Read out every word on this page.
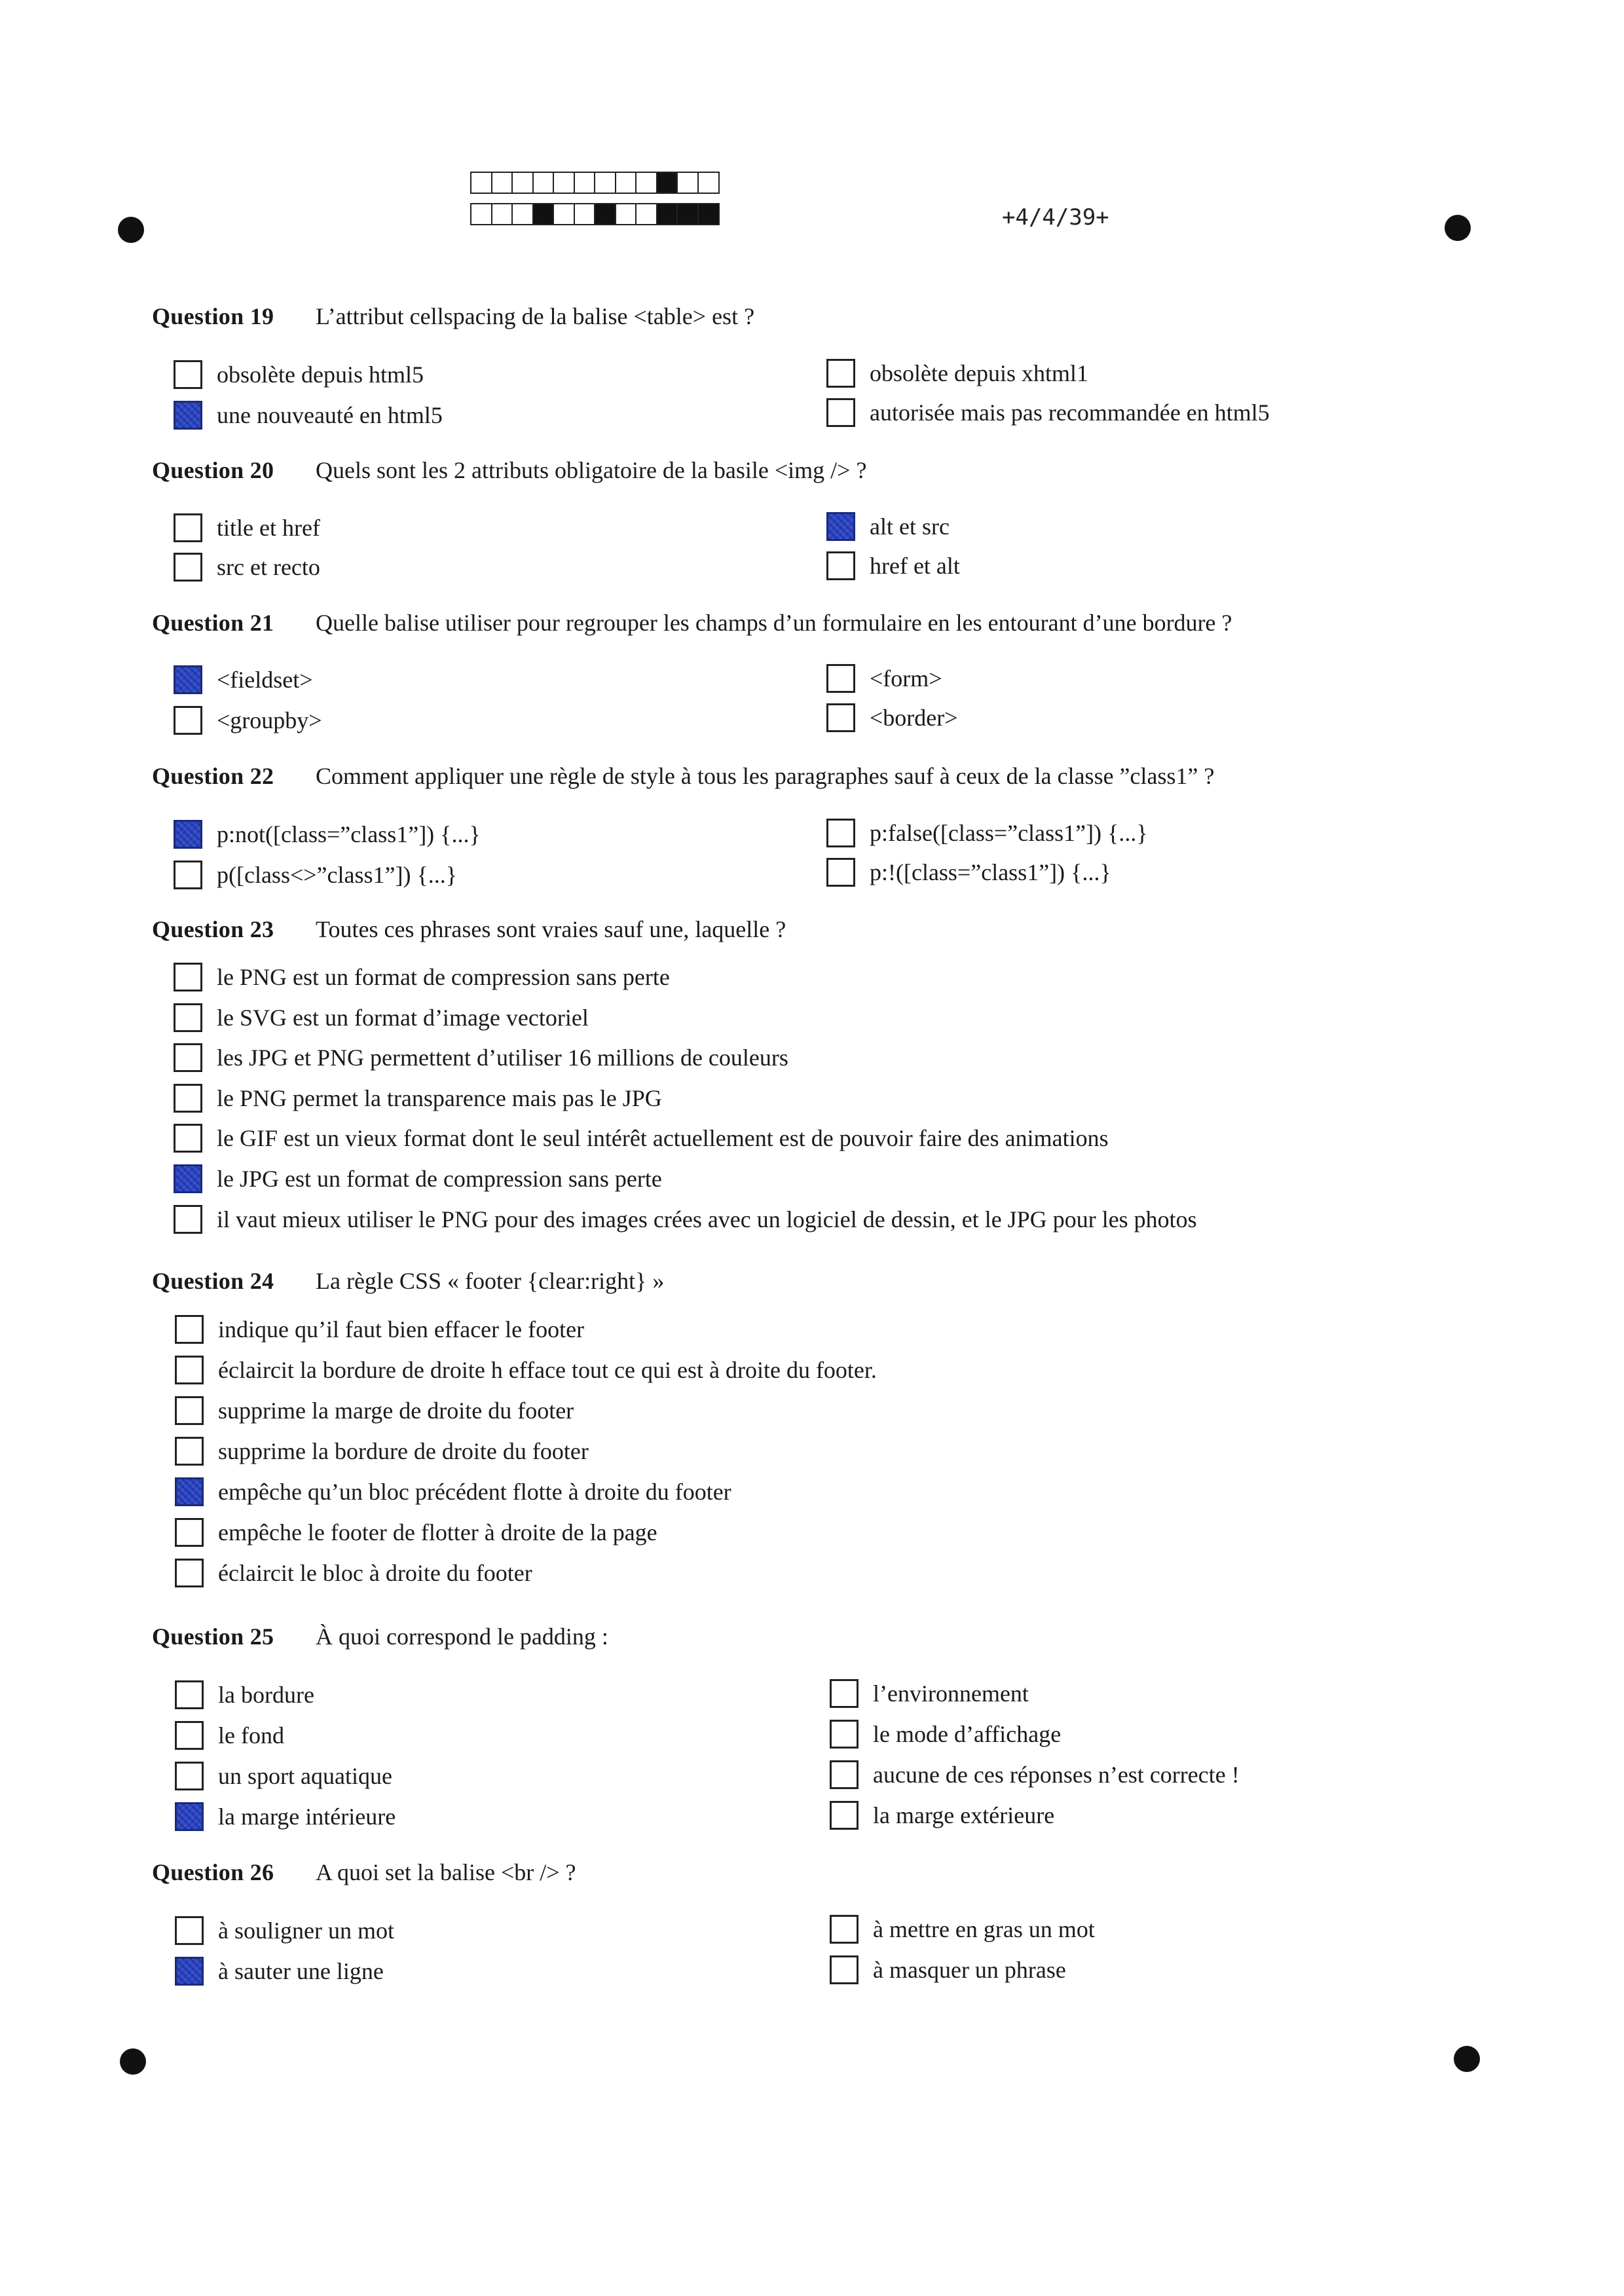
+4/4/39+
Question 19	L’attribut cellspacing de la balise <table> est ?
obsolète depuis html5
une nouveauté en html5
obsolète depuis xhtml1
autorisée mais pas recommandée en html5
Question 20	Quels sont les 2 attributs obligatoire de la basile <img /> ?
title et href
src et recto
alt et src
href et alt
Question 21	Quelle balise utiliser pour regrouper les champs d’un formulaire en les entourant d’une bordure ?
<fieldset>
<groupby>
<form>
<border>
Question 22	Comment appliquer une règle de style à tous les paragraphes sauf à ceux de la classe ”class1” ?
p:not([class=”class1”]) {...}
p([class<>”class1”]) {...}
p:false([class=”class1”]) {...}
p:!([class=”class1”]) {...}
Question 23	Toutes ces phrases sont vraies sauf une, laquelle ?
le PNG est un format de compression sans perte
le SVG est un format d’image vectoriel
les JPG et PNG permettent d’utiliser 16 millions de couleurs
le PNG permet la transparence mais pas le JPG
le GIF est un vieux format dont le seul intérêt actuellement est de pouvoir faire des animations
le JPG est un format de compression sans perte
il vaut mieux utiliser le PNG pour des images crées avec un logiciel de dessin, et le JPG pour les photos
Question 24	La règle CSS « footer {clear:right} »
indique qu’il faut bien effacer le footer
éclaircit la bordure de droite h efface tout ce qui est à droite du footer.
supprime la marge de droite du footer
supprime la bordure de droite du footer
empêche qu’un bloc précédent flotte à droite du footer
empêche le footer de flotter à droite de la page
éclaircit le bloc à droite du footer
Question 25	À quoi correspond le padding :
la bordure
le fond
un sport aquatique
la marge intérieure
l’environnement
le mode d’affichage
aucune de ces réponses n’est correcte !
la marge extérieure
Question 26	A quoi set la balise <br /> ?
à souligner un mot
à sauter une ligne
à mettre en gras un mot
à masquer un phrase
